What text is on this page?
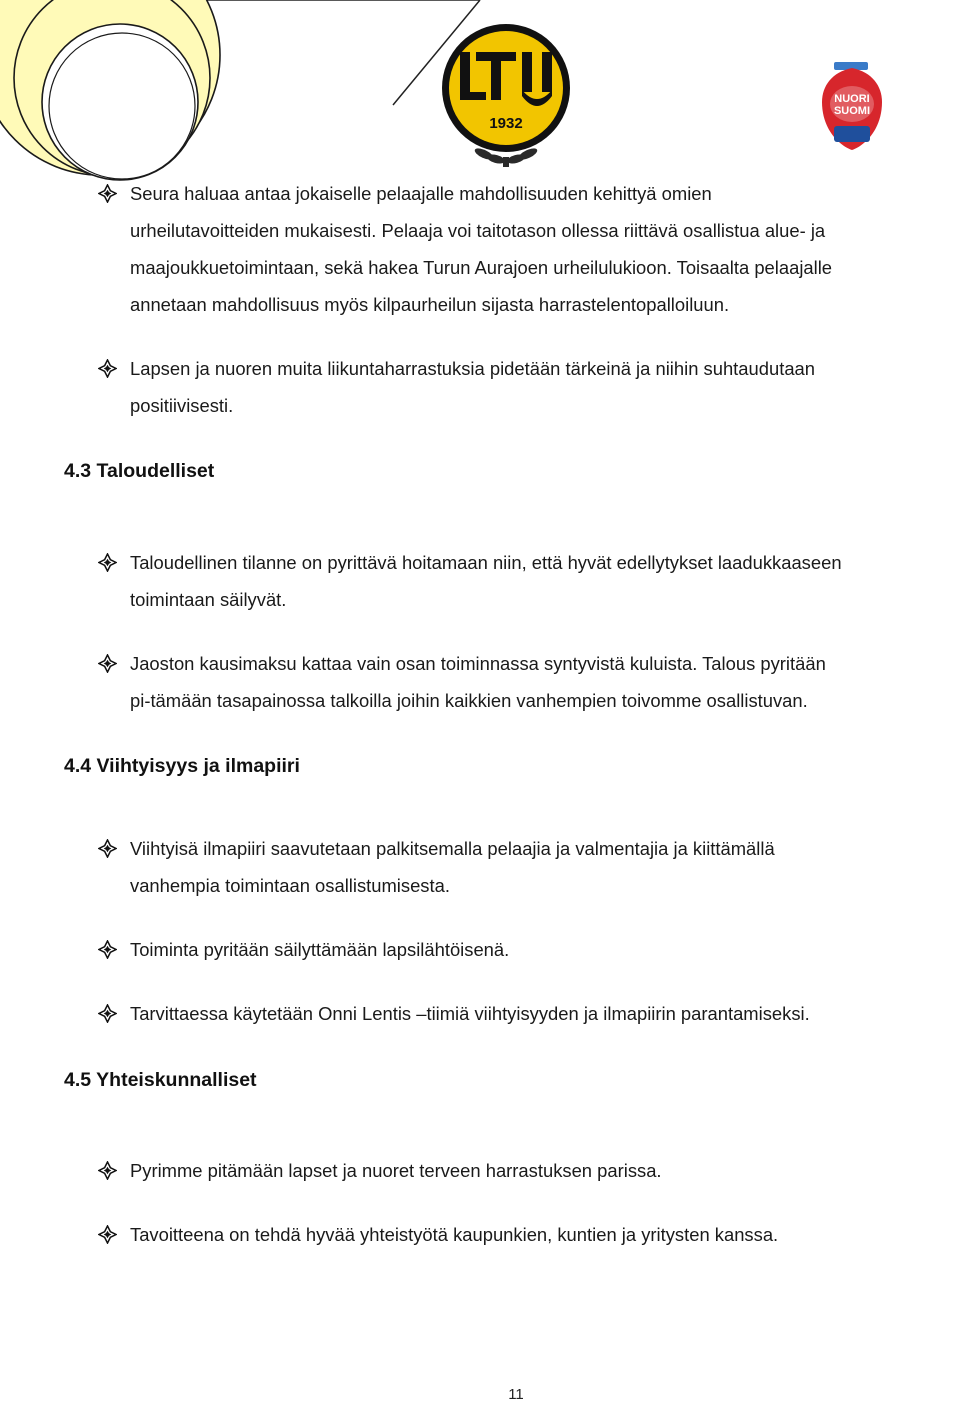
1932
NUORI
SUOMI
Seura haluaa antaa jokaiselle pelaajalle mahdollisuuden kehittyä omien
urheilutavoitteiden mukaisesti. Pelaaja voi taitotason ollessa riittävä osallistua alue- ja
maajoukkuetoimintaan, sekä hakea Turun Aurajoen urheilulukioon. Toisaalta pelaajalle
annetaan mahdollisuus myös kilpaurheilun sijasta harrastelentopalloiluun.
Lapsen ja nuoren muita liikuntaharrastuksia pidetään tärkeinä ja niihin suhtaudutaan
positiivisesti.
4.3 Taloudelliset
Taloudellinen tilanne on pyrittävä hoitamaan niin, että hyvät edellytykset laadukkaaseen
toimintaan säilyvät.
Jaoston kausimaksu kattaa vain osan toiminnassa syntyvistä kuluista. Talous pyritään
pi-tämään tasapainossa talkoilla joihin kaikkien vanhempien toivomme osallistuvan.
4.4 Viihtyisyys ja ilmapiiri
Viihtyisä ilmapiiri saavutetaan palkitsemalla pelaajia ja valmentajia ja kiittämällä
vanhempia toimintaan osallistumisesta.
Toiminta pyritään säilyttämään lapsilähtöisenä.
Tarvittaessa käytetään Onni Lentis –tiimiä viihtyisyyden ja ilmapiirin parantamiseksi.
4.5 Yhteiskunnalliset
Pyrimme pitämään lapset ja nuoret terveen harrastuksen parissa.
Tavoitteena on tehdä hyvää yhteistyötä kaupunkien, kuntien ja yritysten kanssa.
11
